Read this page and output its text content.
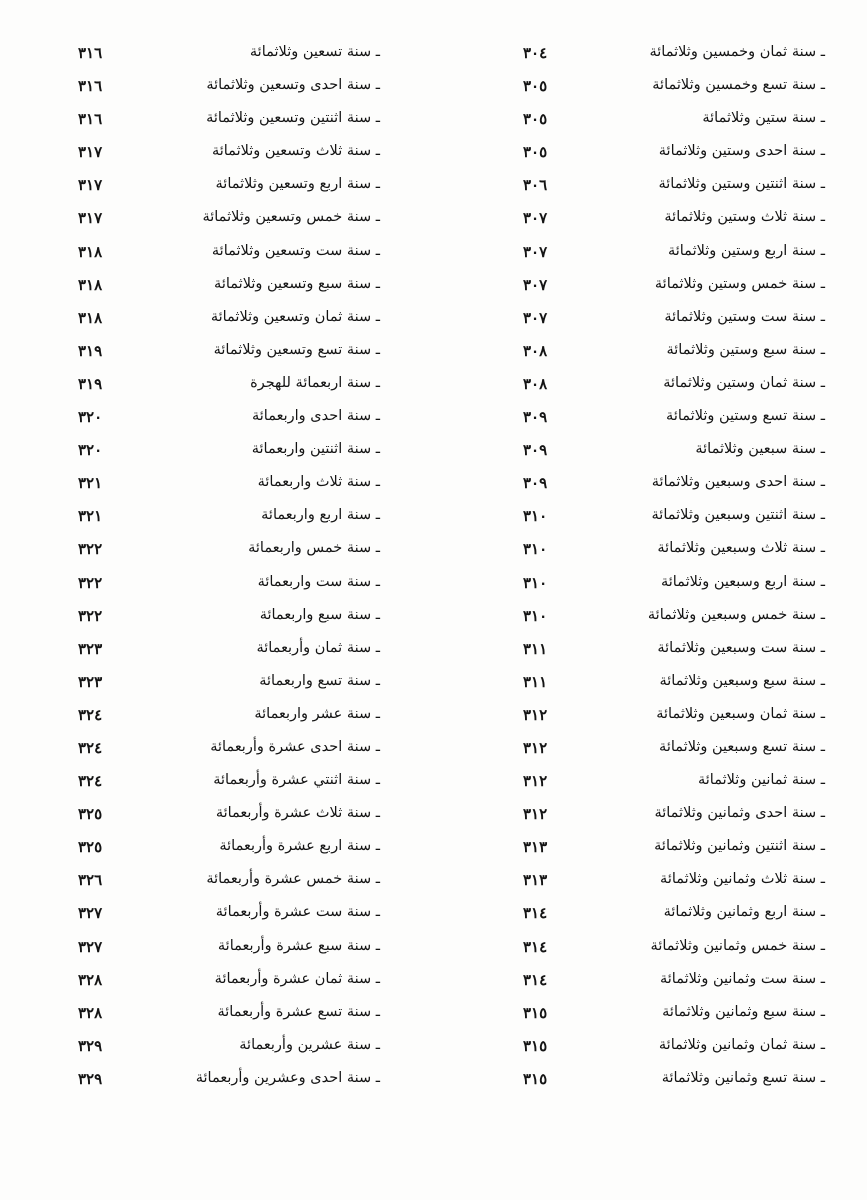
ـ سنة ثمان وخمسين وثلاثمائة
٣٠٤
ـ سنة تسع وخمسين وثلاثمائة
٣٠٥
ـ سنة ستين وثلاثمائة
٣٠٥
ـ سنة احدى وستين وثلاثمائة
٣٠٥
ـ سنة اثنتين وستين وثلاثمائة
٣٠٦
ـ سنة ثلاث وستين وثلاثمائة
٣٠٧
ـ سنة اربع وستين وثلاثمائة
٣٠٧
ـ سنة خمس وستين وثلاثمائة
٣٠٧
ـ سنة ست وستين وثلاثمائة
٣٠٧
ـ سنة سبع وستين وثلاثمائة
٣٠٨
ـ سنة ثمان وستين وثلاثمائة
٣٠٨
ـ سنة تسع وستين وثلاثمائة
٣٠٩
ـ سنة سبعين وثلاثمائة
٣٠٩
ـ سنة احدى وسبعين وثلاثمائة
٣٠٩
ـ سنة اثنتين وسبعين وثلاثمائة
٣١٠
ـ سنة ثلاث وسبعين وثلاثمائة
٣١٠
ـ سنة اربع وسبعين وثلاثمائة
٣١٠
ـ سنة خمس وسبعين وثلاثمائة
٣١٠
ـ سنة ست وسبعين وثلاثمائة
٣١١
ـ سنة سبع وسبعين وثلاثمائة
٣١١
ـ سنة ثمان وسبعين وثلاثمائة
٣١٢
ـ سنة تسع وسبعين وثلاثمائة
٣١٢
ـ سنة ثمانين وثلاثمائة
٣١٢
ـ سنة احدى وثمانين وثلاثمائة
٣١٢
ـ سنة اثنتين وثمانين وثلاثمائة
٣١٣
ـ سنة ثلاث وثمانين وثلاثمائة
٣١٣
ـ سنة اربع وثمانين وثلاثمائة
٣١٤
ـ سنة خمس وثمانين وثلاثمائة
٣١٤
ـ سنة ست وثمانين وثلاثمائة
٣١٤
ـ سنة سبع وثمانين وثلاثمائة
٣١٥
ـ سنة ثمان وثمانين وثلاثمائة
٣١٥
ـ سنة تسع وثمانين وثلاثمائة
٣١٥
ـ سنة تسعين وثلاثمائة
٣١٦
ـ سنة احدى وتسعين وثلاثمائة
٣١٦
ـ سنة اثنتين وتسعين وثلاثمائة
٣١٦
ـ سنة ثلاث وتسعين وثلاثمائة
٣١٧
ـ سنة اربع وتسعين وثلاثمائة
٣١٧
ـ سنة خمس وتسعين وثلاثمائة
٣١٧
ـ سنة ست وتسعين وثلاثمائة
٣١٨
ـ سنة سبع وتسعين وثلاثمائة
٣١٨
ـ سنة ثمان وتسعين وثلاثمائة
٣١٨
ـ سنة تسع وتسعين وثلاثمائة
٣١٩
ـ سنة اربعمائة للهجرة
٣١٩
ـ سنة احدى واربعمائة
٣٢٠
ـ سنة اثنتين واربعمائة
٣٢٠
ـ سنة ثلاث واربعمائة
٣٢١
ـ سنة اربع واربعمائة
٣٢١
ـ سنة خمس واربعمائة
٣٢٢
ـ سنة ست واربعمائة
٣٢٢
ـ سنة سبع واربعمائة
٣٢٢
ـ سنة ثمان وأربعمائة
٣٢٣
ـ سنة تسع واربعمائة
٣٢٣
ـ سنة عشر واربعمائة
٣٢٤
ـ سنة احدى عشرة وأربعمائة
٣٢٤
ـ سنة اثنتي عشرة وأربعمائة
٣٢٤
ـ سنة ثلاث عشرة وأربعمائة
٣٢٥
ـ سنة اربع عشرة وأربعمائة
٣٢٥
ـ سنة خمس عشرة وأربعمائة
٣٢٦
ـ سنة ست عشرة وأربعمائة
٣٢٧
ـ سنة سبع عشرة وأربعمائة
٣٢٧
ـ سنة ثمان عشرة وأربعمائة
٣٢٨
ـ سنة تسع عشرة وأربعمائة
٣٢٨
ـ سنة عشرين وأربعمائة
٣٢٩
ـ سنة احدى وعشرين وأربعمائة
٣٢٩
